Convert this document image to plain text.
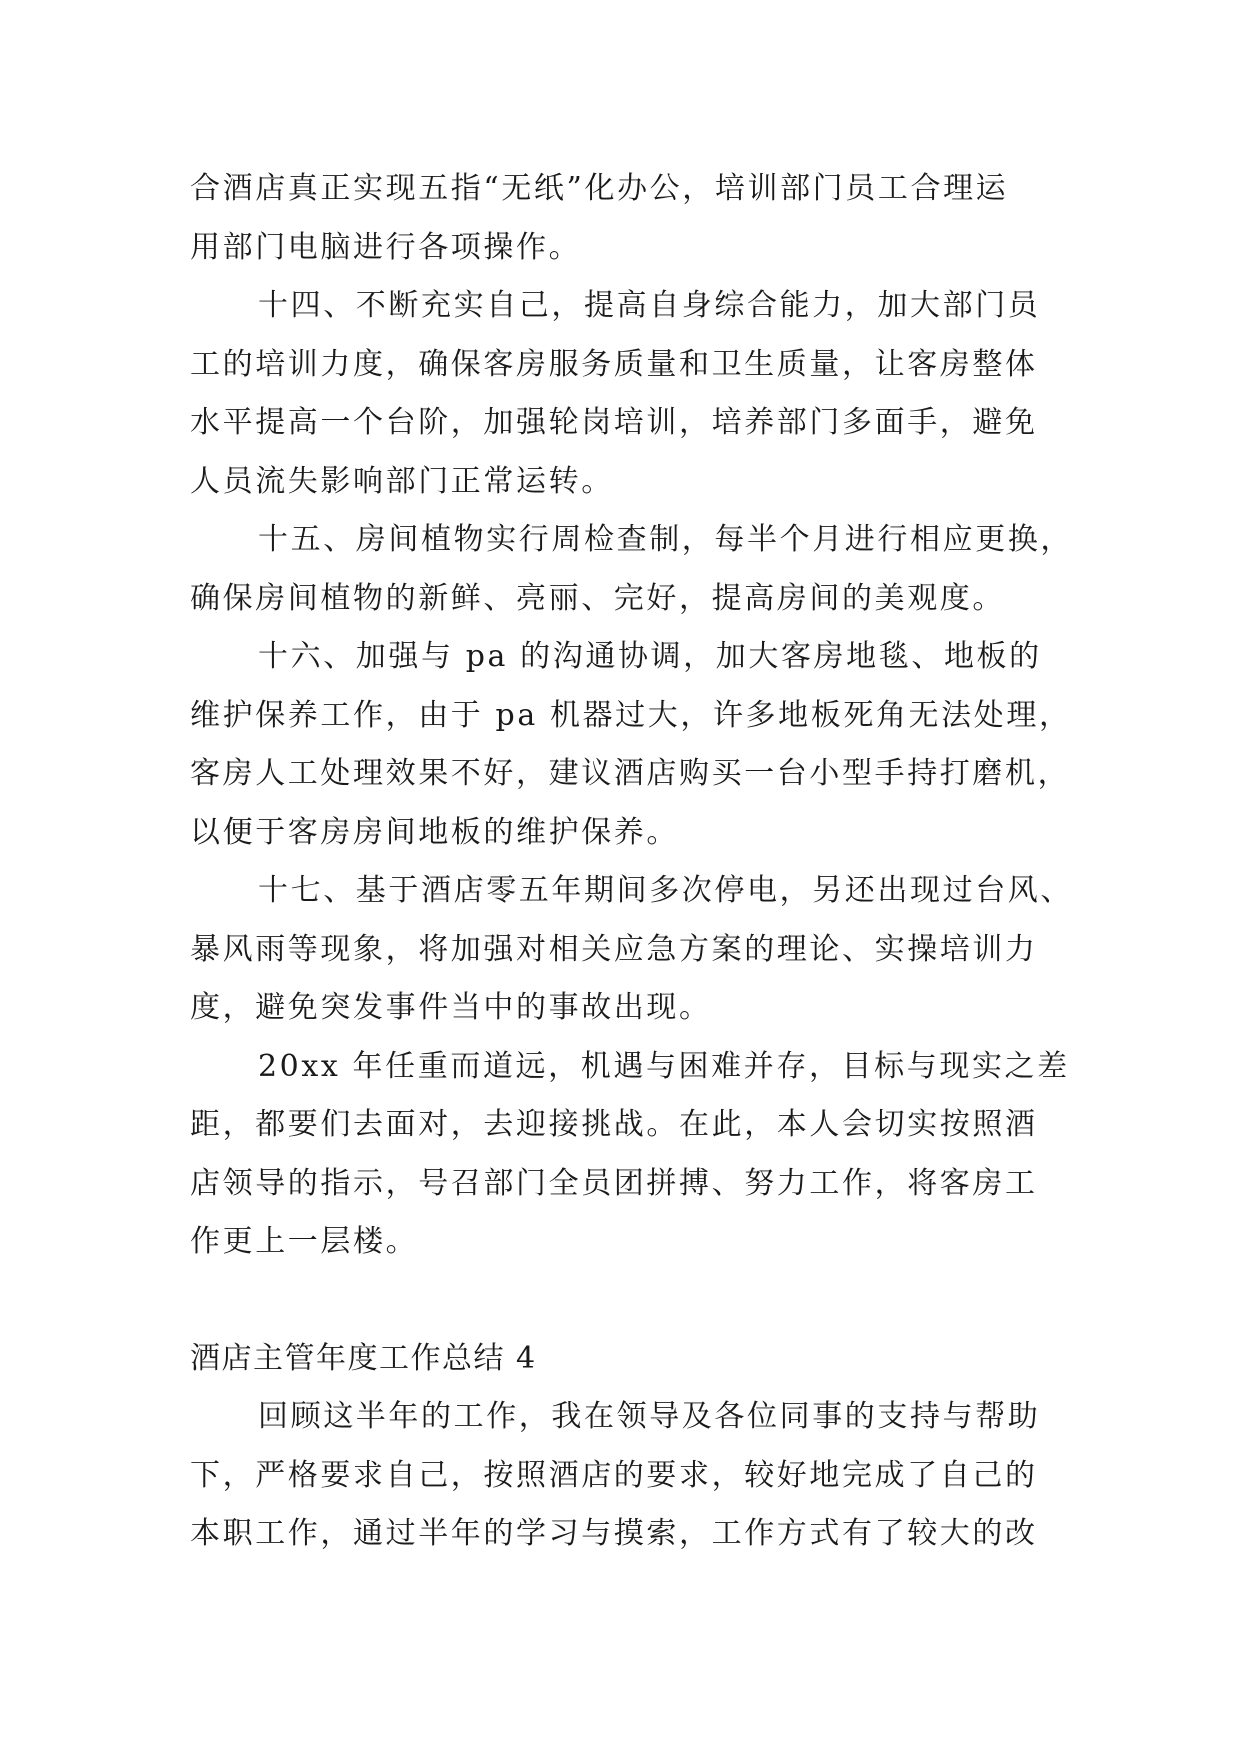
合酒店真正实现五指“无纸”化办公，培训部门员工合理运

用部门电脑进行各项操作。

十四、不断充实自己，提高自身综合能力，加大部门员

工的培训力度，确保客房服务质量和卫生质量，让客房整体

水平提高一个台阶，加强轮岗培训，培养部门多面手，避免

人员流失影响部门正常运转。

十五、房间植物实行周检查制，每半个月进行相应更换，

确保房间植物的新鲜、亮丽、完好，提高房间的美观度。

十六、加强与 pa 的沟通协调，加大客房地毯、地板的

维护保养工作，由于 pa 机器过大，许多地板死角无法处理，

客房人工处理效果不好，建议酒店购买一台小型手持打磨机，

以便于客房房间地板的维护保养。

十七、基于酒店零五年期间多次停电，另还出现过台风、

暴风雨等现象，将加强对相关应急方案的理论、实操培训力

度，避免突发事件当中的事故出现。

20xx 年任重而道远，机遇与困难并存，目标与现实之差

距，都要们去面对，去迎接挑战。在此，本人会切实按照酒

店领导的指示，号召部门全员团拼搏、努力工作，将客房工

作更上一层楼。

酒店主管年度工作总结 4

回顾这半年的工作，我在领导及各位同事的支持与帮助

下，严格要求自己，按照酒店的要求，较好地完成了自己的

本职工作，通过半年的学习与摸索，工作方式有了较大的改
